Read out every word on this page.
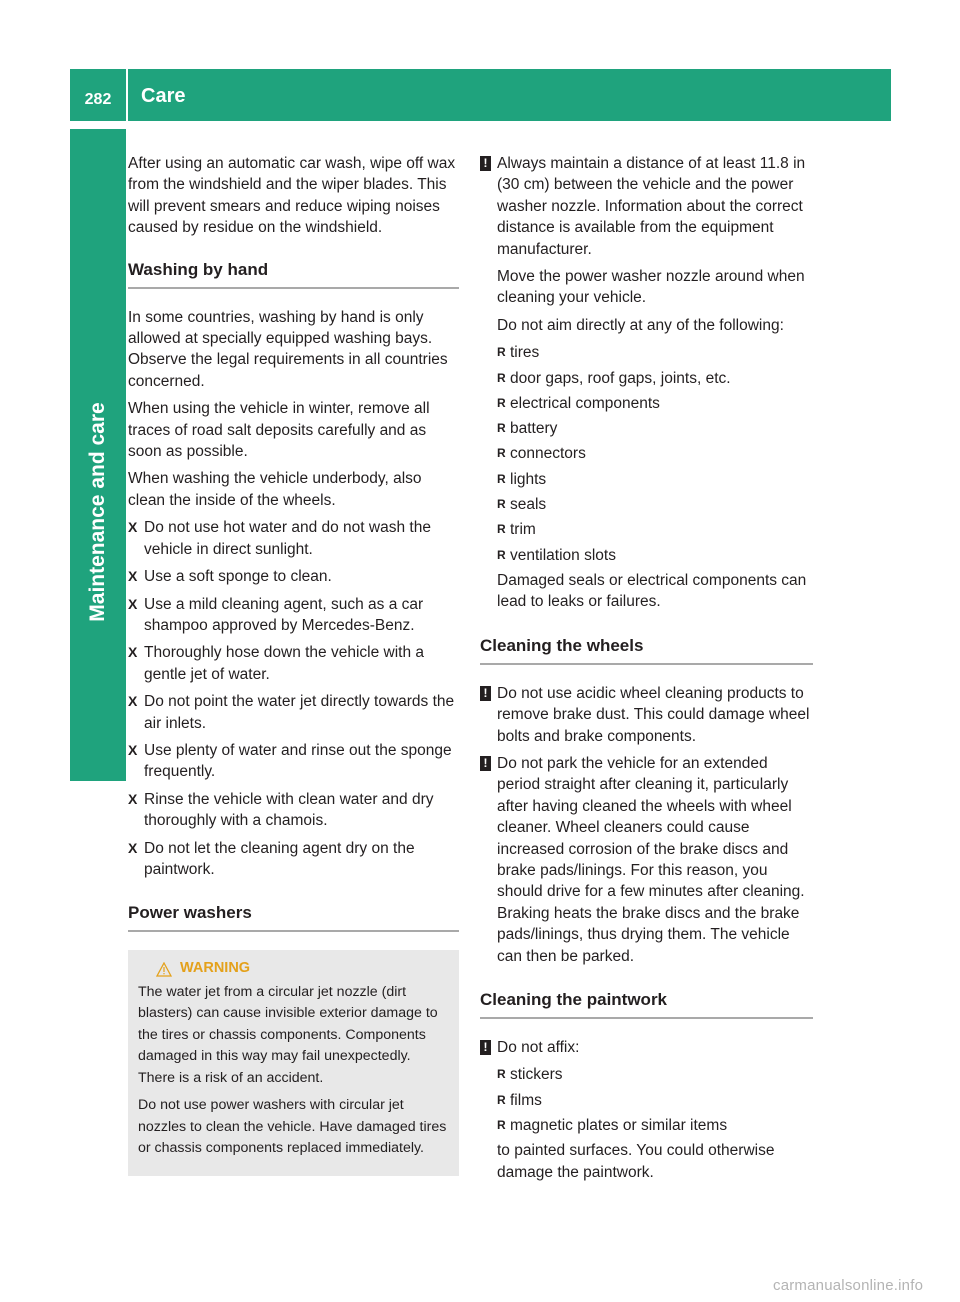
282	Care
Maintenance and care

After using an automatic car wash, wipe off wax from the windshield and the wiper blades. This will prevent smears and reduce wiping noises caused by residue on the windshield.

Washing by hand

In some countries, washing by hand is only allowed at specially equipped washing bays. Observe the legal requirements in all countries concerned.

When using the vehicle in winter, remove all traces of road salt deposits carefully and as soon as possible.

When washing the vehicle underbody, also clean the inside of the wheels.

X Do not use hot water and do not wash the vehicle in direct sunlight.
X Use a soft sponge to clean.
X Use a mild cleaning agent, such as a car shampoo approved by Mercedes-Benz.
X Thoroughly hose down the vehicle with a gentle jet of water.
X Do not point the water jet directly towards the air inlets.
X Use plenty of water and rinse out the sponge frequently.
X Rinse the vehicle with clean water and dry thoroughly with a chamois.
X Do not let the cleaning agent dry on the paintwork.
Power washers
WARNING

The water jet from a circular jet nozzle (dirt blasters) can cause invisible exterior damage to the tires or chassis components. Components damaged in this way may fail unexpectedly. There is a risk of an accident.

Do not use power washers with circular jet nozzles to clean the vehicle. Have damaged tires or chassis components replaced immediately.

! Always maintain a distance of at least 11.8 in (30 cm) between the vehicle and the power washer nozzle. Information about the correct distance is available from the equipment manufacturer.

Move the power washer nozzle around when cleaning your vehicle.

Do not aim directly at any of the following:

R tires
R door gaps, roof gaps, joints, etc.
R electrical components
R battery
R connectors
R lights
R seals
R trim
R ventilation slots

Damaged seals or electrical components can lead to leaks or failures.

Cleaning the wheels
! Do not use acidic wheel cleaning products to remove brake dust. This could damage wheel bolts and brake components.
! Do not park the vehicle for an extended period straight after cleaning it, particularly after having cleaned the wheels with wheel cleaner. Wheel cleaners could cause increased corrosion of the brake discs and brake pads/linings. For this reason, you should drive for a few minutes after cleaning. Braking heats the brake discs and the brake pads/linings, thus drying them. The vehicle can then be parked.
Cleaning the paintwork
! Do not affix:
R stickers
R films
R magnetic plates or similar items

to painted surfaces. You could otherwise damage the paintwork.

carmanualsonline.info
